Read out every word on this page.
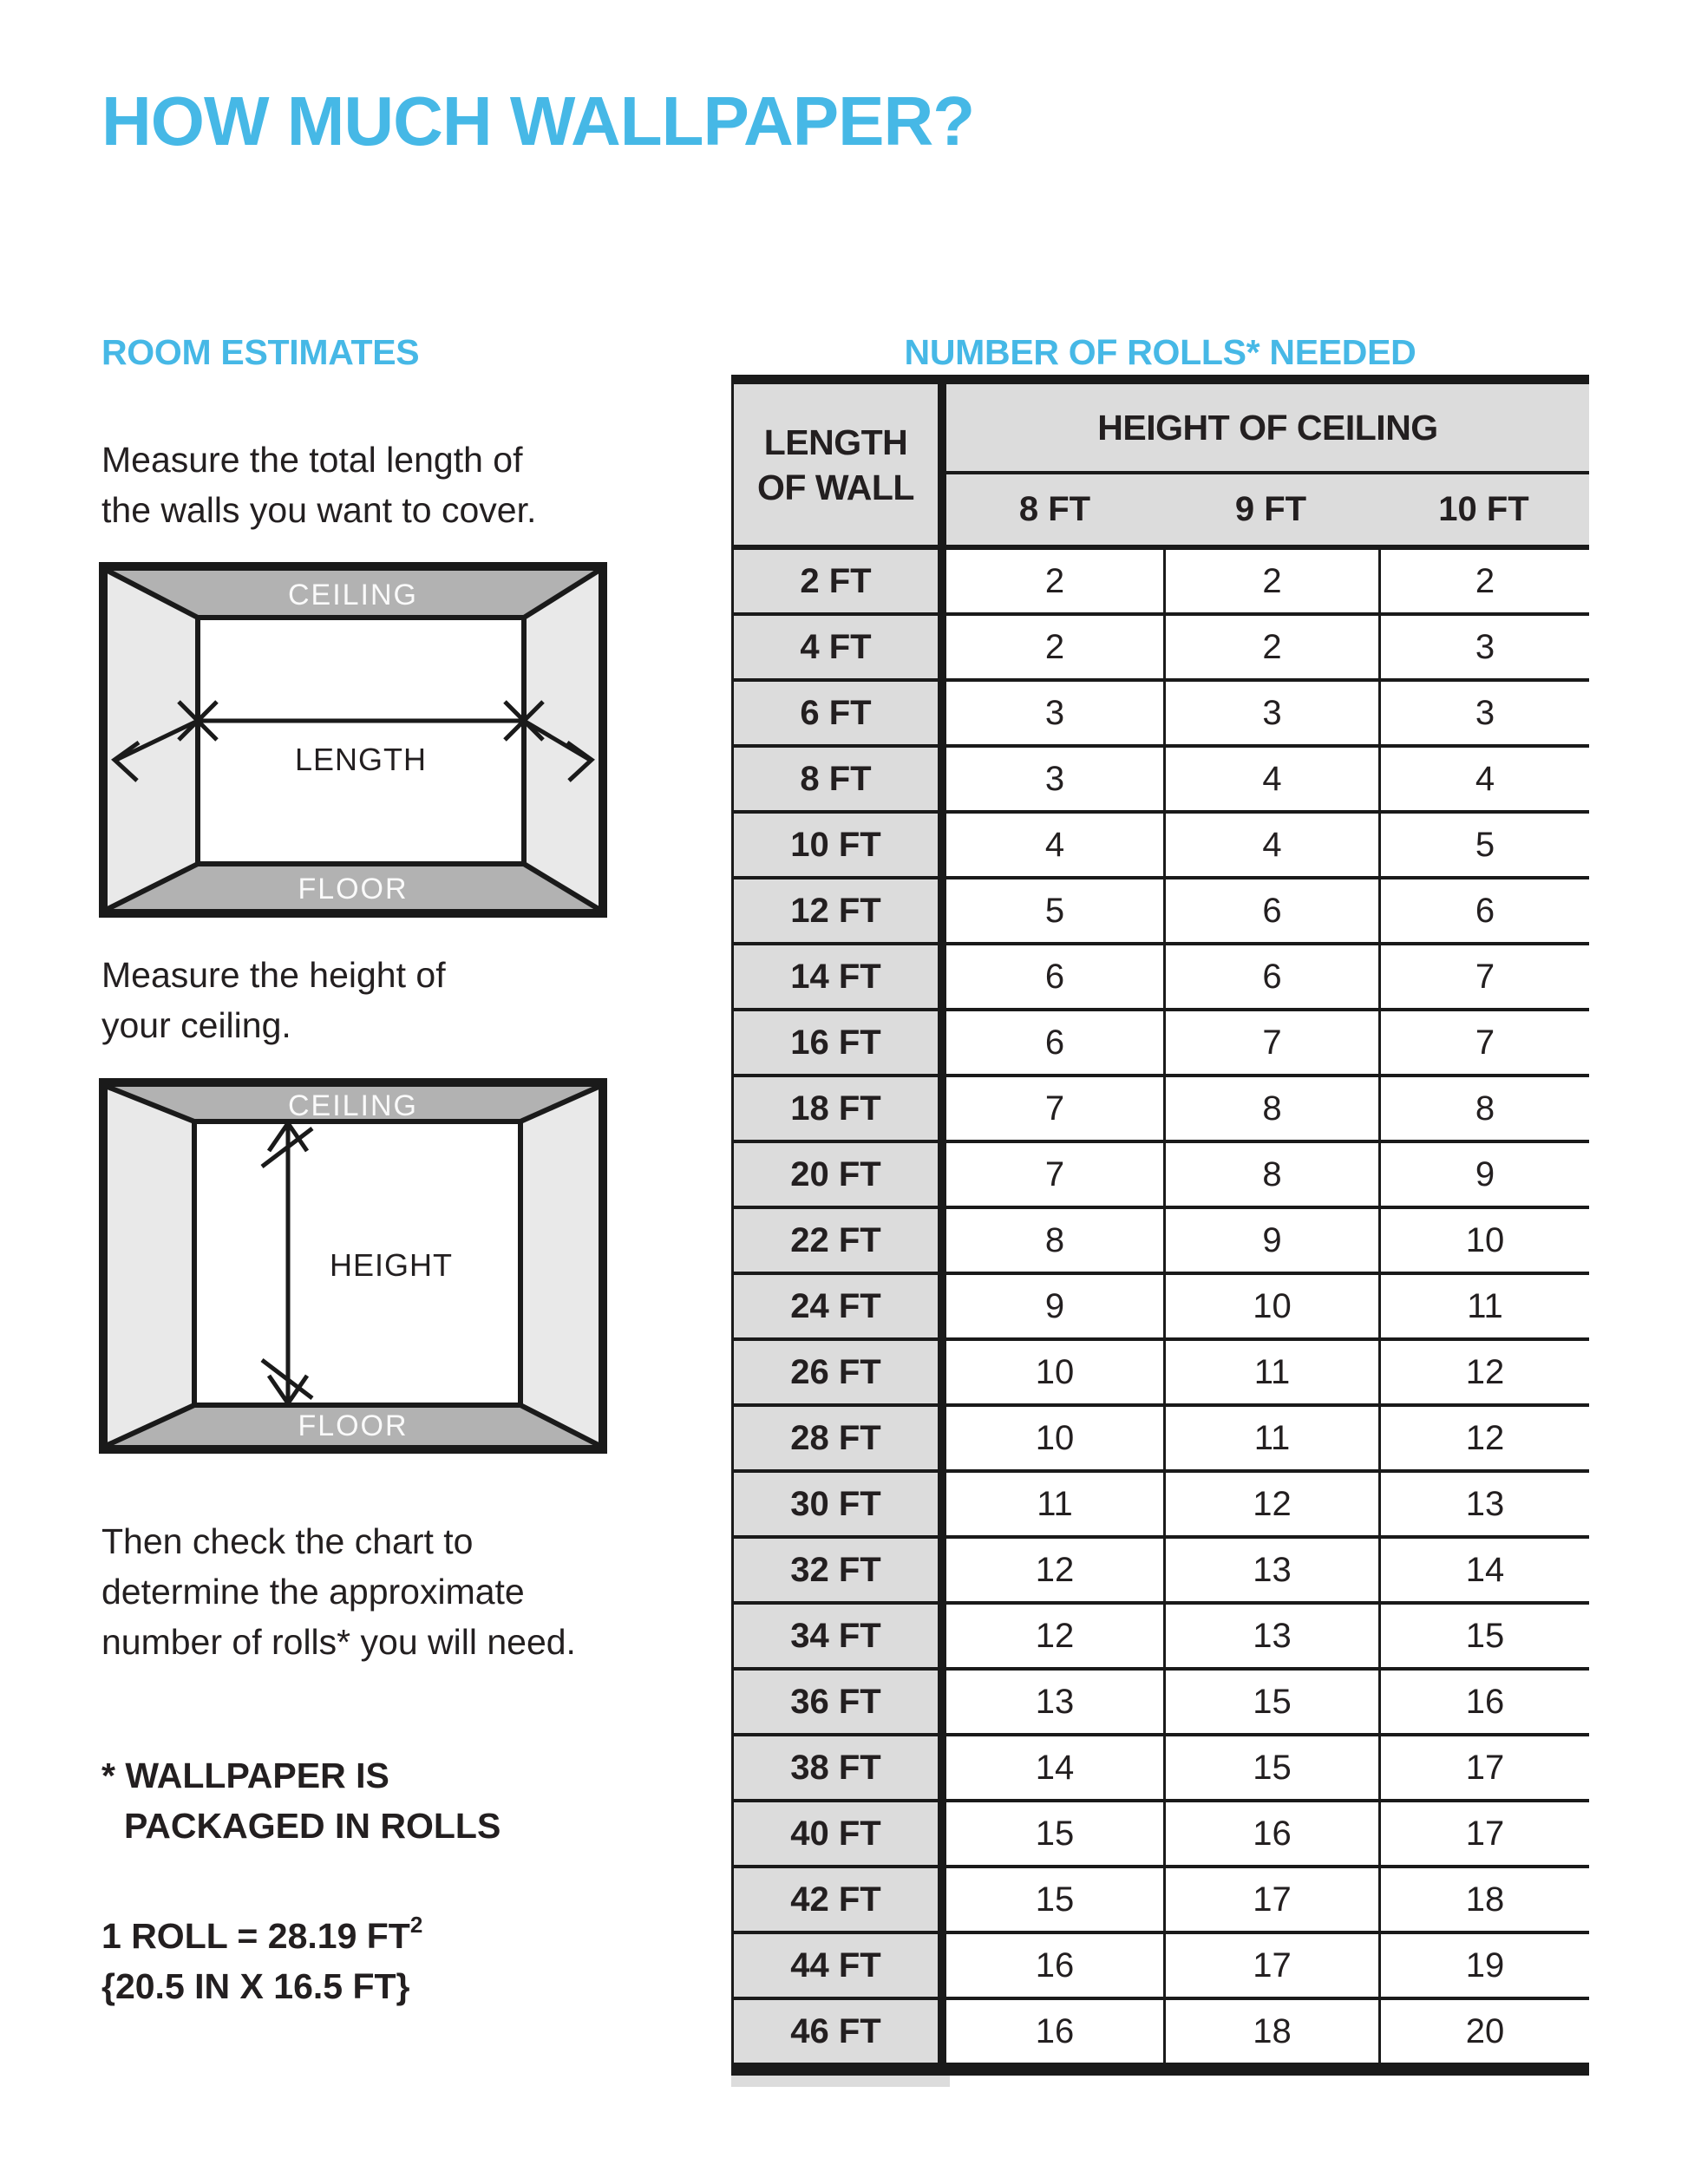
HOW MUCH WALLPAPER?
ROOM ESTIMATES	NUMBER OF ROLLS* NEEDED
Measure the total length of
the walls you want to cover.
CEILING
FLOOR
LENGTH
Measure the height of
your ceiling.
CEILING
FLOOR
HEIGHT
Then check the chart to
determine the approximate
number of rolls* you will need.
* WALLPAPER IS
PACKAGED IN ROLLS
1 ROLL = 28.19 $FT^2$
{20.5 IN X 16.5 FT}
LENGTH
OF WALL
HEIGHT OF CEILING
8 FT	9 FT	10 FT
2 FT	2	2	2
4 FT	2	2	3
6 FT	3	3	3
8 FT	3	4	4
10 FT	4	4	5
12 FT	5	6	6
14 FT	6	6	7
16 FT	6	7	7
18 FT	7	8	8
20 FT	7	8	9
22 FT	8	9	10
24 FT	9	10	11
26 FT	10	11	12
28 FT	10	11	12
30 FT	11	12	13
32 FT	12	13	14
34 FT	12	13	15
36 FT	13	15	16
38 FT	14	15	17
40 FT	15	16	17
42 FT	15	17	18
44 FT	16	17	19
46 FT	16	18	20
